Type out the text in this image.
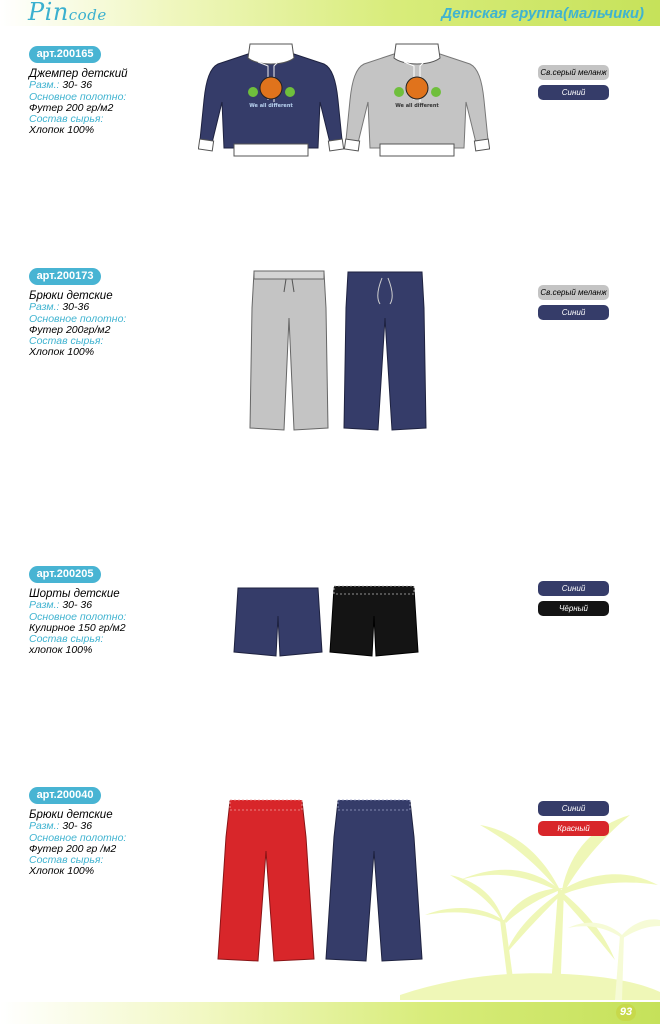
Pincode	Детская группа(мальчики)
арт.200165
Джемпер детский
Разм.: 30- 36
Основное полотно:
Футер 200 гр/м2
Состав сырья:
Хлопок 100%
Св.серый меланж
Синий
We all different	We all different
арт.200173
Брюки детские
Разм.: 30-36
Основное полотно:
Футер 200гр/м2
Состав сырья:
Хлопок 100%
Св.серый меланж
Синий
арт.200205
Шорты детские
Разм.: 30- 36
Основное полотно:
Кулирное 150 гр/м2
Состав сырья:
хлопок 100%
Синий
Чёрный
арт.200040
Брюки детские
Разм.: 30- 36
Основное полотно:
Футер 200 гр /м2
Состав сырья:
Хлопок 100%
Синий
Красный
93
